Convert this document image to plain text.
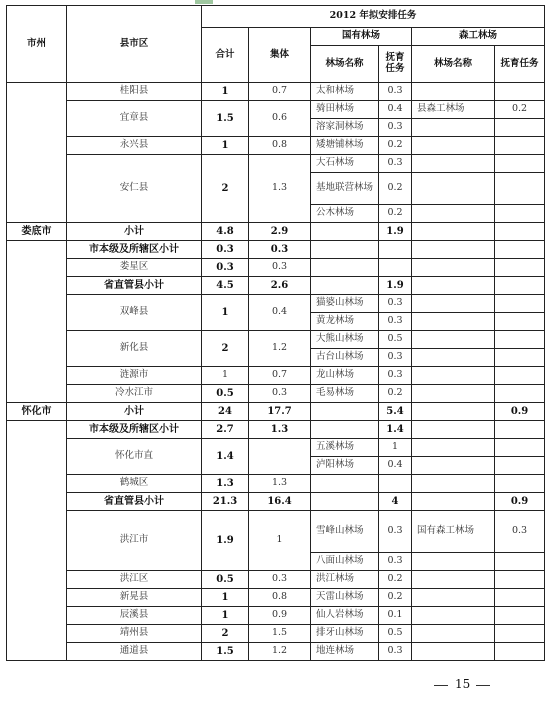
市州	县市区	2012 年拟安排任务					
		合计	集体	国有林场		森工林场	
				林场名称	抚育任务	林场名称	抚育任务
	桂阳县	1	0.7	太和林场	0.3		
	宜章县	1.5	0.6	骑田林场	0.4	县森工林场	0.2
				溶家洞林场	0.3		
	永兴县	1	0.8	矮塘铺林场	0.2		
	安仁县	2	1.3	大石林场	0.3		
				基地联营林场	0.2		
				公木林场	0.2		
娄底市	小计	4.8	2.9		1.9		
	市本级及所辖区小计	0.3	0.3				
	娄星区	0.3	0.3				
	省直管县小计	4.5	2.6		1.9		
	双峰县	1	0.4	猫婆山林场	0.3		
				黄龙林场	0.3		
	新化县	2	1.2	大熊山林场	0.5		
				古台山林场	0.3		
	涟源市	1	0.7	龙山林场	0.3		
	冷水江市	0.5	0.3	毛易林场	0.2		
怀化市	小计	24	17.7		5.4		0.9
	市本级及所辖区小计	2.7	1.3		1.4		
	怀化市直	1.4		五溪林场	1		
				泸阳林场	0.4		
	鹤城区	1.3	1.3				
	省直管县小计	21.3	16.4		4		0.9
	洪江市	1.9	1	雪峰山林场	0.3	国有森工林场	0.3
				八面山林场	0.3		
	洪江区	0.5	0.3	洪江林场	0.2		
	新晃县	1	0.8	天雷山林场	0.2		
	辰溪县	1	0.9	仙人岩林场	0.1		
	靖州县	2	1.5	排牙山林场	0.5		
	通道县	1.5	1.2	地连林场	0.3		
15
